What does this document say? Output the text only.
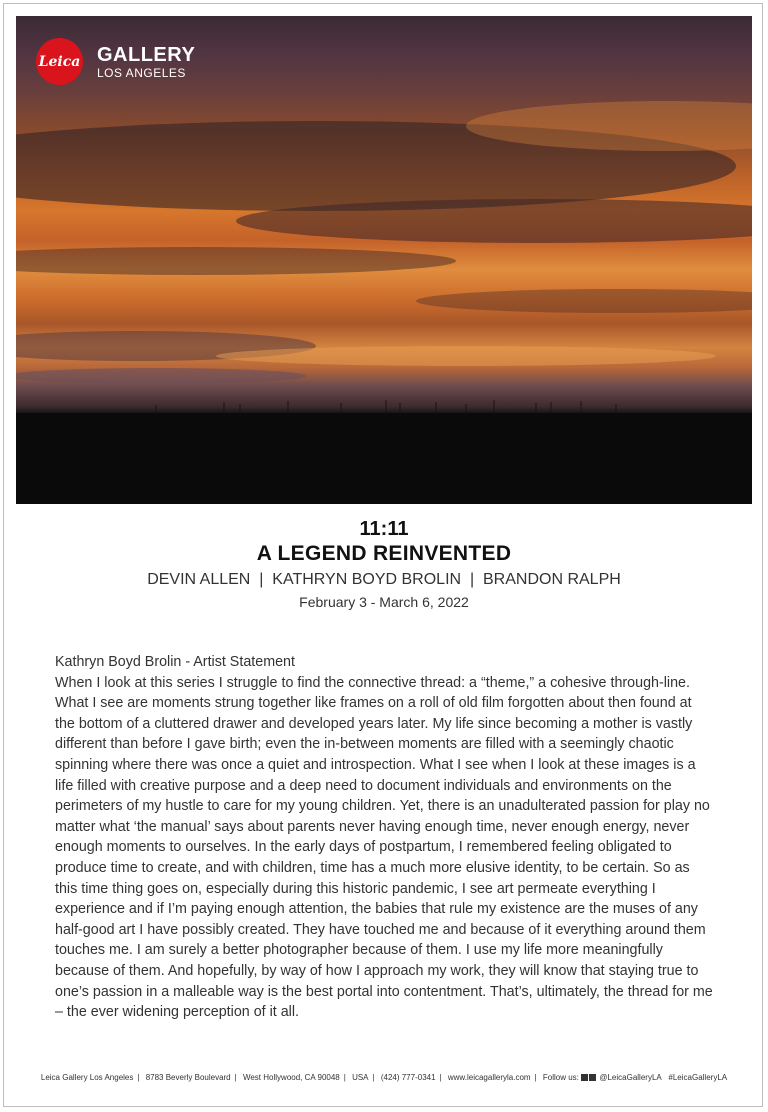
Leica GALLERY
LOS ANGELES
11:11
A LEGEND REINVENTED
DEVIN ALLEN  |  KATHRYN BOYD BROLIN  |  BRANDON RALPH
February 3 - March 6, 2022

Kathryn Boyd Brolin - Artist Statement

When I look at this series I struggle to find the connective thread: a “theme,” a cohesive through-line. What I see are moments strung together like frames on a roll of old film forgotten about then found at the bottom of a cluttered drawer and developed years later. My life since becoming a mother is vastly different than before I gave birth; even the in-between moments are filled with a seemingly chaotic spinning where there was once a quiet and introspection. What I see when I look at these images is a life filled with creative purpose and a deep need to document individuals and environments on the perimeters of my hustle to care for my young children. Yet, there is an unadulterated passion for play no matter what ‘the manual’ says about parents never having enough time, never enough energy, never enough moments to ourselves. In the early days of postpartum, I remembered feeling obligated to produce time to create, and with children, time has a much more elusive identity, to be certain. So as this time thing goes on, especially during this historic pandemic, I see art permeate everything I experience and if I’m paying enough attention, the babies that rule my existence are the muses of any half-good art I have possibly created. They have touched me and because of it everything around them touches me. I am surely a better photographer because of them. I use my life more meaningfully because of them. And hopefully, by way of how I approach my work, they will know that staying true to one’s passion in a malleable way is the best portal into contentment. That’s, ultimately, the thread for me – the ever widening perception of it all.

Leica Gallery Los Angeles | 8783 Beverly Boulevard | West Hollywood, CA 90048 | USA | (424) 777-0341 | www.leicagalleryla.com | Follow us:	@LeicaGalleryLA #LeicaGalleryLA
